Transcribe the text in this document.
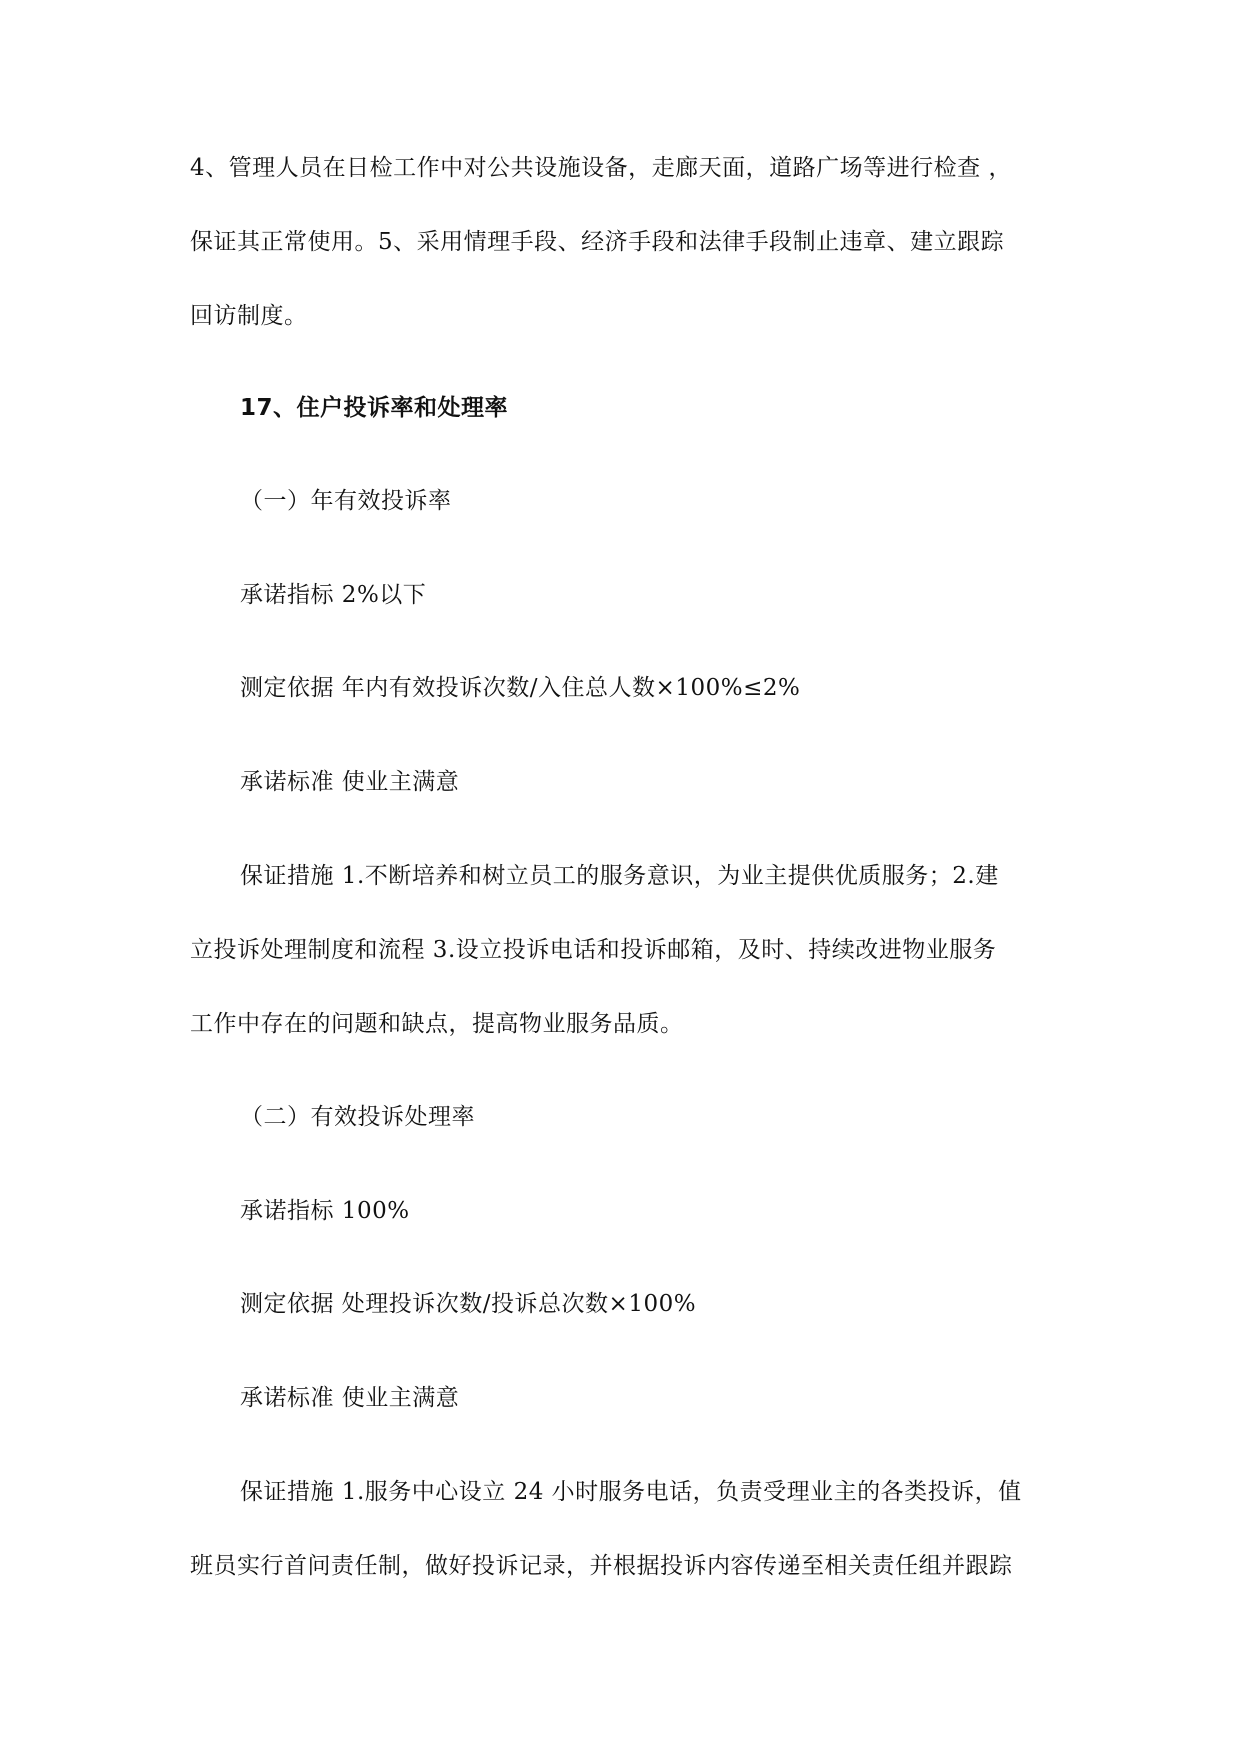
4、管理人员在日检工作中对公共设施设备，走廊天面，道路广场等进行检查 ，
保证其正常使用。5、采用情理手段、经济手段和法律手段制止违章、建立跟踪
回访制度。
17、住户投诉率和处理率
（一）年有效投诉率
承诺指标 2%以下
测定依据 年内有效投诉次数/入住总人数×100%≤2%
承诺标准 使业主满意
保证措施 1.不断培养和树立员工的服务意识，为业主提供优质服务；2.建
立投诉处理制度和流程 3.设立投诉电话和投诉邮箱，及时、持续改进物业服务
工作中存在的问题和缺点，提高物业服务品质。
（二）有效投诉处理率
承诺指标 100%
测定依据 处理投诉次数/投诉总次数×100%
承诺标准 使业主满意
保证措施 1.服务中心设立 24 小时服务电话，负责受理业主的各类投诉，值
班员实行首问责任制，做好投诉记录，并根据投诉内容传递至相关责任组并跟踪
